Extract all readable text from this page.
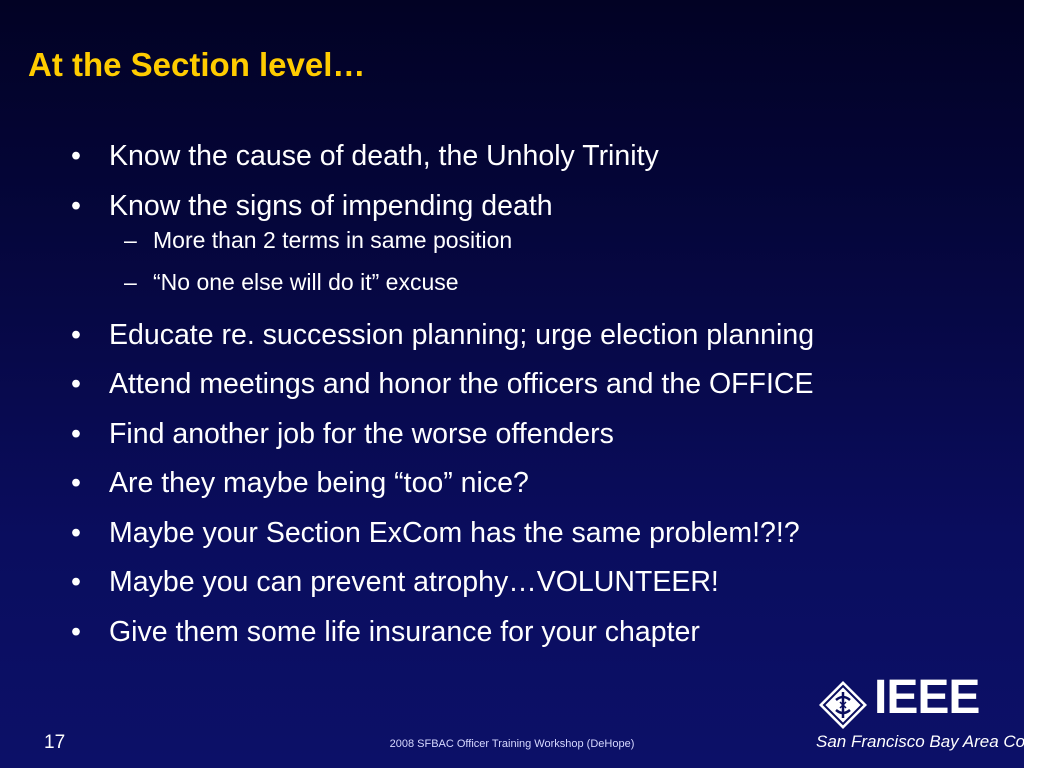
At the Section level…
• Know the cause of death, the Unholy Trinity
• Know the signs of impending death
– More than 2 terms in same position
– “No one else will do it” excuse
• Educate re. succession planning; urge election planning
• Attend meetings and honor the officers and the OFFICE
• Find another job for the worse offenders
• Are they maybe being “too” nice?
• Maybe your Section ExCom has the same problem!?!?
• Maybe you can prevent atrophy…VOLUNTEER!
• Give them some life insurance for your chapter
17	2008 SFBAC Officer Training Workshop (DeHope)
IEEE
San Francisco Bay Area Council
